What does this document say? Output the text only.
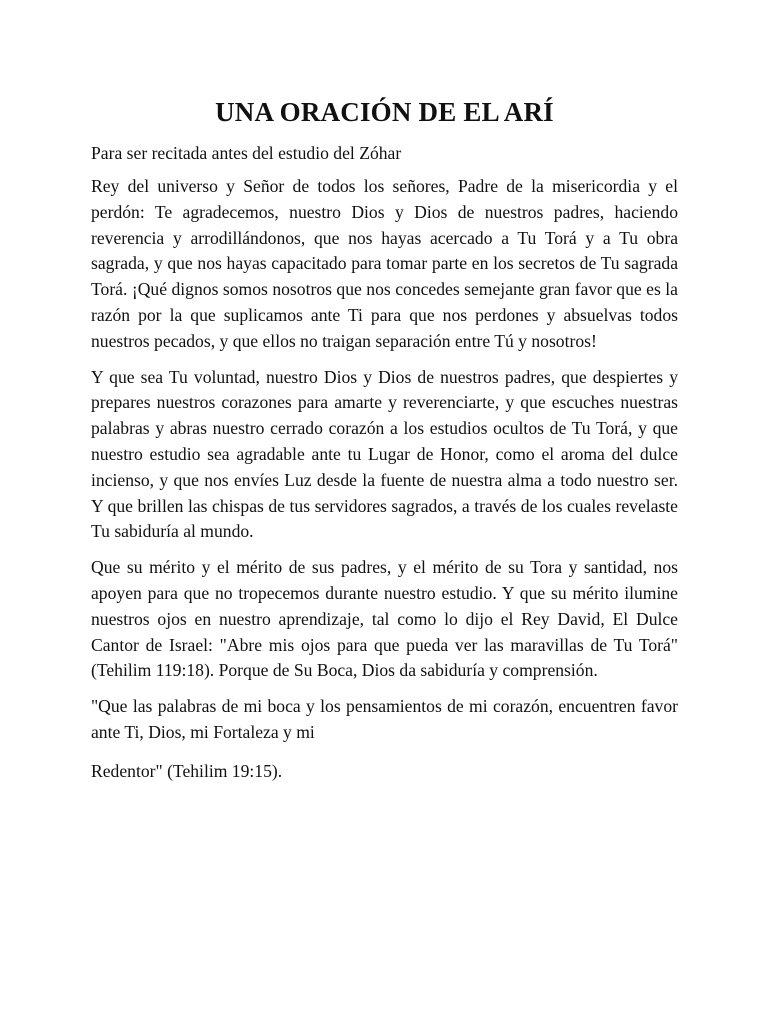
UNA ORACIÓN DE EL ARÍ

Para ser recitada antes del estudio del Zóhar

Rey del universo y Señor de todos los señores, Padre de la misericordia y el perdón: Te agradecemos, nuestro Dios y Dios de nuestros padres, haciendo reverencia y arrodillándonos, que nos hayas acercado a Tu Torá y a Tu obra sagrada, y que nos hayas capacitado para tomar parte en los secretos de Tu sagrada Torá. ¡Qué dignos somos nosotros que nos concedes semejante gran favor que es la razón por la que suplicamos ante Ti para que nos perdones y absuelvas todos nuestros pecados, y que ellos no traigan separación entre Tú y nosotros!

Y que sea Tu voluntad, nuestro Dios y Dios de nuestros padres, que despiertes y prepares nuestros corazones para amarte y reverenciarte, y que escuches nuestras palabras y abras nuestro cerrado corazón a los estudios ocultos de Tu Torá, y que nuestro estudio sea agradable ante tu Lugar de Honor, como el aroma del dulce incienso, y que nos envíes Luz desde la fuente de nuestra alma a todo nuestro ser. Y que brillen las chispas de tus servidores sagrados, a través de los cuales revelaste Tu sabiduría al mundo.

Que su mérito y el mérito de sus padres, y el mérito de su Tora y santidad, nos apoyen para que no tropecemos durante nuestro estudio. Y que su mérito ilumine nuestros ojos en nuestro aprendizaje, tal como lo dijo el Rey David, El Dulce Cantor de Israel: "Abre mis ojos para que pueda ver las maravillas de Tu Torá" (Tehilim 119:18). Porque de Su Boca, Dios da sabiduría y comprensión.

"Que las palabras de mi boca y los pensamientos de mi corazón, encuentren favor ante Ti, Dios, mi Fortaleza y mi

Redentor" (Tehilim 19:15).
